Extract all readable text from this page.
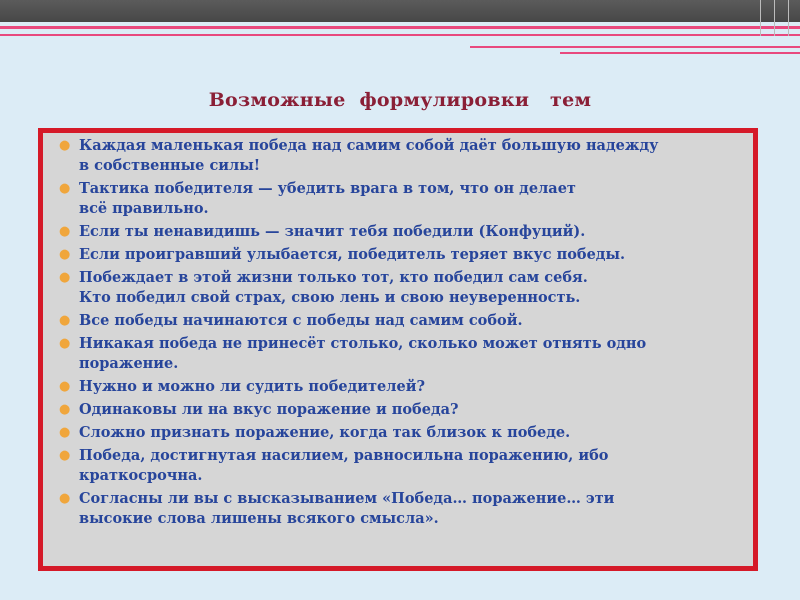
Возможные  формулировки   тем
● Каждая маленькая победа над самим собой даёт большую надежду
в собственные силы!
● Тактика победителя — убедить врага в том, что он делает
всё правильно.
● Если ты ненавидишь — значит тебя победили (Конфуций).
● Если проигравший улыбается, победитель теряет вкус победы.
● Побеждает в этой жизни только тот, кто победил сам себя.
Кто победил свой страх, свою лень и свою неуверенность.
● Все победы начинаются с победы над самим собой.
● Никакая победа не принесёт столько, сколько может отнять одно
поражение.
● Нужно и можно ли судить победителей?
● Одинаковы ли на вкус поражение и победа?
● Сложно признать поражение, когда так близок к победе.
● Победа, достигнутая насилием, равносильна поражению, ибо
краткосрочна.
● Согласны ли вы с высказыванием «Победа… поражение… эти
высокие слова лишены всякого смысла».
